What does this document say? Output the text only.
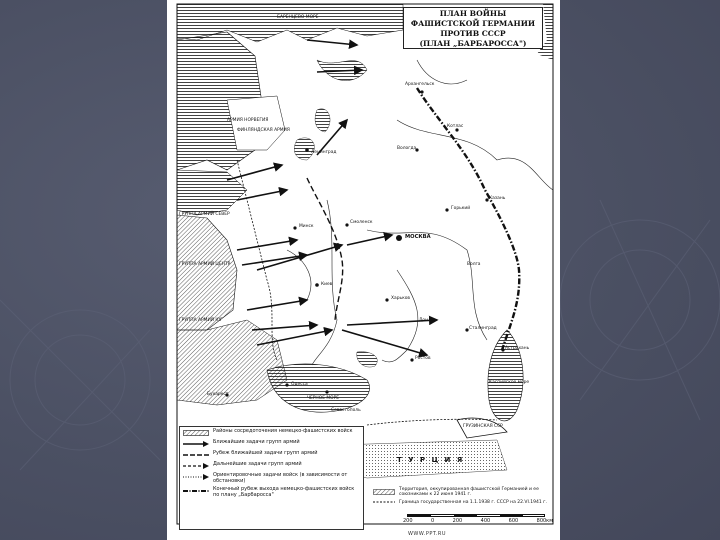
ПЛАН ВОЙНЫ
ФАШИСТСКОЙ ГЕРМАНИИ
ПРОТИВ СССР
(ПЛАН „БАРБАРОССА")
БАРЕНЦЕВО МОРЕ
Архангельск
АРМИЯ НОРВЕГИЯ
ФИНЛЯНДСКАЯ АРМИЯ
Вологда
Котлас
Ленинград
ГРУППА АРМИЙ СЕВЕР
ГРУППА АРМИЙ ЦЕНТР
Минск
Смоленск
МОСКВА
Горький
Казань
Волга
Киев
ГРУППА АРМИЙ ЮГ
Харьков
Дон
Сталинград
Ростов
Астрахань
Каспийское море
Одесса
ЧЕРНОЕ МОРЕ
Севастополь
Бухарест
ГРУЗИНСКАЯ ССР
Т У Р Ц И Я
Районы сосредоточения немецко-фашистских войск
Ближайшие задачи групп армий
Рубеж ближайшей задачи групп армий
Дальнейшие задачи групп армий
Ориентировочные задачи войск (в зависимости от обстановки)
Конечный рубеж выхода немецко-фашистских войск по плану „Барбаросса"
Территория, оккупированная фашистской Германией и ее союзниками к 22 июня 1941 г.
Граница государственная на 1.1.1938 г. СССР на 22.VI.1941 г.
200	0	200	400	600	800км
WWW.PPT.RU
